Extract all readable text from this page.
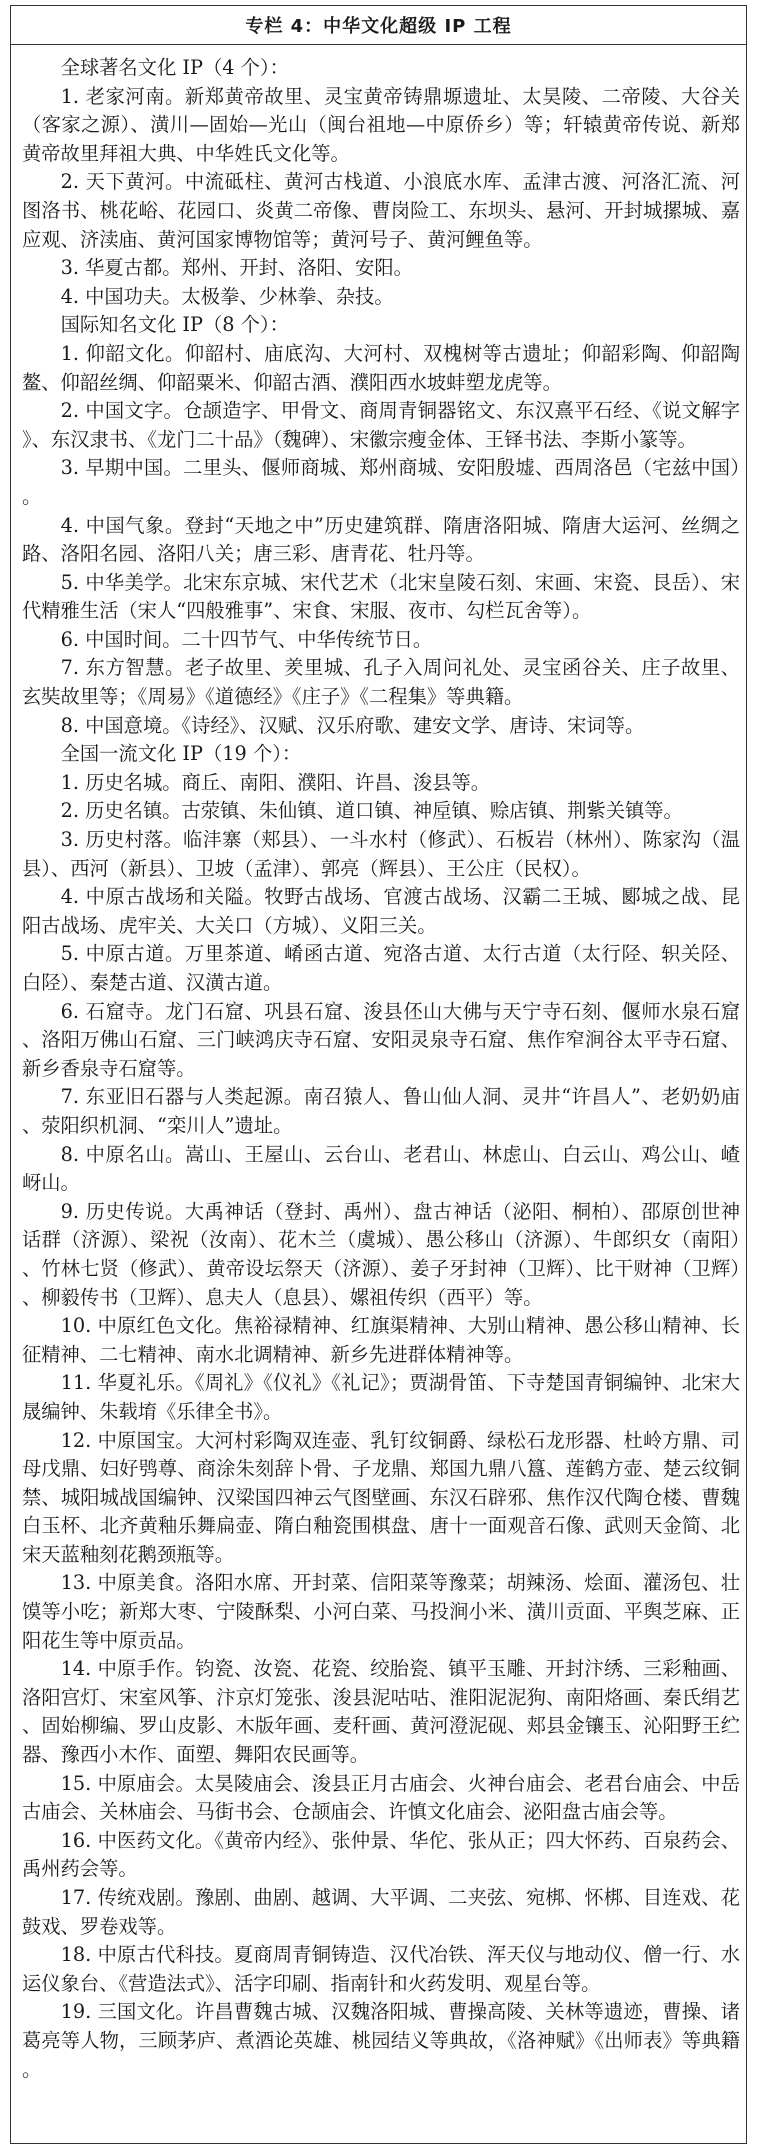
专栏 4：中华文化超级 IP 工程

全球著名文化 IP（4 个）：

1. 老家河南。新郑黄帝故里、灵宝黄帝铸鼎塬遗址、太昊陵、二帝陵、大谷关（客家之源）、潢川—固始—光山（闽台祖地—中原侨乡）等；轩辕黄帝传说、新郑黄帝故里拜祖大典、中华姓氏文化等。

2. 天下黄河。中流砥柱、黄河古栈道、小浪底水库、孟津古渡、河洛汇流、河图洛书、桃花峪、花园口、炎黄二帝像、曹岗险工、东坝头、悬河、开封城摞城、嘉应观、济渎庙、黄河国家博物馆等；黄河号子、黄河鲤鱼等。

3. 华夏古都。郑州、开封、洛阳、安阳。

4. 中国功夫。太极拳、少林拳、杂技。

国际知名文化 IP（8 个）：

1. 仰韶文化。仰韶村、庙底沟、大河村、双槐树等古遗址；仰韶彩陶、仰韶陶鳌、仰韶丝绸、仰韶粟米、仰韶古酒、濮阳西水坡蚌塑龙虎等。

2. 中国文字。仓颉造字、甲骨文、商周青铜器铭文、东汉熹平石经、《说文解字》、东汉隶书、《龙门二十品》（魏碑）、宋徽宗瘦金体、王铎书法、李斯小篆等。

3. 早期中国。二里头、偃师商城、郑州商城、安阳殷墟、西周洛邑（宅兹中国）。

4. 中国气象。登封“天地之中”历史建筑群、隋唐洛阳城、隋唐大运河、丝绸之路、洛阳名园、洛阳八关；唐三彩、唐青花、牡丹等。

5. 中华美学。北宋东京城、宋代艺术（北宋皇陵石刻、宋画、宋瓷、艮岳）、宋代精雅生活（宋人“四般雅事”、宋食、宋服、夜市、勾栏瓦舍等）。

6. 中国时间。二十四节气、中华传统节日。

7. 东方智慧。老子故里、羑里城、孔子入周问礼处、灵宝函谷关、庄子故里、玄奘故里等；《周易》《道德经》《庄子》《二程集》等典籍。

8. 中国意境。《诗经》、汉赋、汉乐府歌、建安文学、唐诗、宋词等。

全国一流文化 IP（19 个）：

1. 历史名城。商丘、南阳、濮阳、许昌、浚县等。

2. 历史名镇。古荥镇、朱仙镇、道口镇、神垕镇、赊店镇、荆紫关镇等。

3. 历史村落。临沣寨（郏县）、一斗水村（修武）、石板岩（林州）、陈家沟（温县）、西河（新县）、卫坡（孟津）、郭亮（辉县）、王公庄（民权）。

4. 中原古战场和关隘。牧野古战场、官渡古战场、汉霸二王城、郾城之战、昆阳古战场、虎牢关、大关口（方城）、义阳三关。

5. 中原古道。万里茶道、崤函古道、宛洛古道、太行古道（太行陉、轵关陉、白陉）、秦楚古道、汉潢古道。

6. 石窟寺。龙门石窟、巩县石窟、浚县伾山大佛与天宁寺石刻、偃师水泉石窟、洛阳万佛山石窟、三门峡鸿庆寺石窟、安阳灵泉寺石窟、焦作窄涧谷太平寺石窟、新乡香泉寺石窟等。

7. 东亚旧石器与人类起源。南召猿人、鲁山仙人洞、灵井“许昌人”、老奶奶庙、荥阳织机洞、“栾川人”遗址。

8. 中原名山。嵩山、王屋山、云台山、老君山、林虑山、白云山、鸡公山、嵖岈山。

9. 历史传说。大禹神话（登封、禹州）、盘古神话（泌阳、桐柏）、邵原创世神话群（济源）、梁祝（汝南）、花木兰（虞城）、愚公移山（济源）、牛郎织女（南阳）、竹林七贤（修武）、黄帝设坛祭天（济源）、姜子牙封神（卫辉）、比干财神（卫辉）、柳毅传书（卫辉）、息夫人（息县）、嫘祖传织（西平）等。

10. 中原红色文化。焦裕禄精神、红旗渠精神、大别山精神、愚公移山精神、长征精神、二七精神、南水北调精神、新乡先进群体精神等。

11. 华夏礼乐。《周礼》《仪礼》《礼记》；贾湖骨笛、下寺楚国青铜编钟、北宋大晟编钟、朱载堉《乐律全书》。

12. 中原国宝。大河村彩陶双连壶、乳钉纹铜爵、绿松石龙形器、杜岭方鼎、司母戊鼎、妇好鸮尊、商涂朱刻辞卜骨、子龙鼎、郑国九鼎八簋、莲鹤方壶、楚云纹铜禁、城阳城战国编钟、汉梁国四神云气图壁画、东汉石辟邪、焦作汉代陶仓楼、曹魏白玉杯、北齐黄釉乐舞扁壶、隋白釉瓷围棋盘、唐十一面观音石像、武则天金简、北宋天蓝釉刻花鹅颈瓶等。

13. 中原美食。洛阳水席、开封菜、信阳菜等豫菜；胡辣汤、烩面、灌汤包、壮馍等小吃；新郑大枣、宁陵酥梨、小河白菜、马投涧小米、潢川贡面、平舆芝麻、正阳花生等中原贡品。

14. 中原手作。钧瓷、汝瓷、花瓷、绞胎瓷、镇平玉雕、开封汴绣、三彩釉画、洛阳宫灯、宋室风筝、汴京灯笼张、浚县泥咕咕、淮阳泥泥狗、南阳烙画、秦氏绢艺、固始柳编、罗山皮影、木版年画、麦秆画、黄河澄泥砚、郏县金镶玉、沁阳野王纻器、豫西小木作、面塑、舞阳农民画等。

15. 中原庙会。太昊陵庙会、浚县正月古庙会、火神台庙会、老君台庙会、中岳古庙会、关林庙会、马街书会、仓颉庙会、许慎文化庙会、泌阳盘古庙会等。

16. 中医药文化。《黄帝内经》、张仲景、华佗、张从正；四大怀药、百泉药会、禹州药会等。

17. 传统戏剧。豫剧、曲剧、越调、大平调、二夹弦、宛梆、怀梆、目连戏、花鼓戏、罗卷戏等。

18. 中原古代科技。夏商周青铜铸造、汉代冶铁、浑天仪与地动仪、僧一行、水运仪象台、《营造法式》、活字印刷、指南针和火药发明、观星台等。

19. 三国文化。许昌曹魏古城、汉魏洛阳城、曹操高陵、关林等遗迹，曹操、诸葛亮等人物，三顾茅庐、煮酒论英雄、桃园结义等典故，《洛神赋》《出师表》等典籍。
